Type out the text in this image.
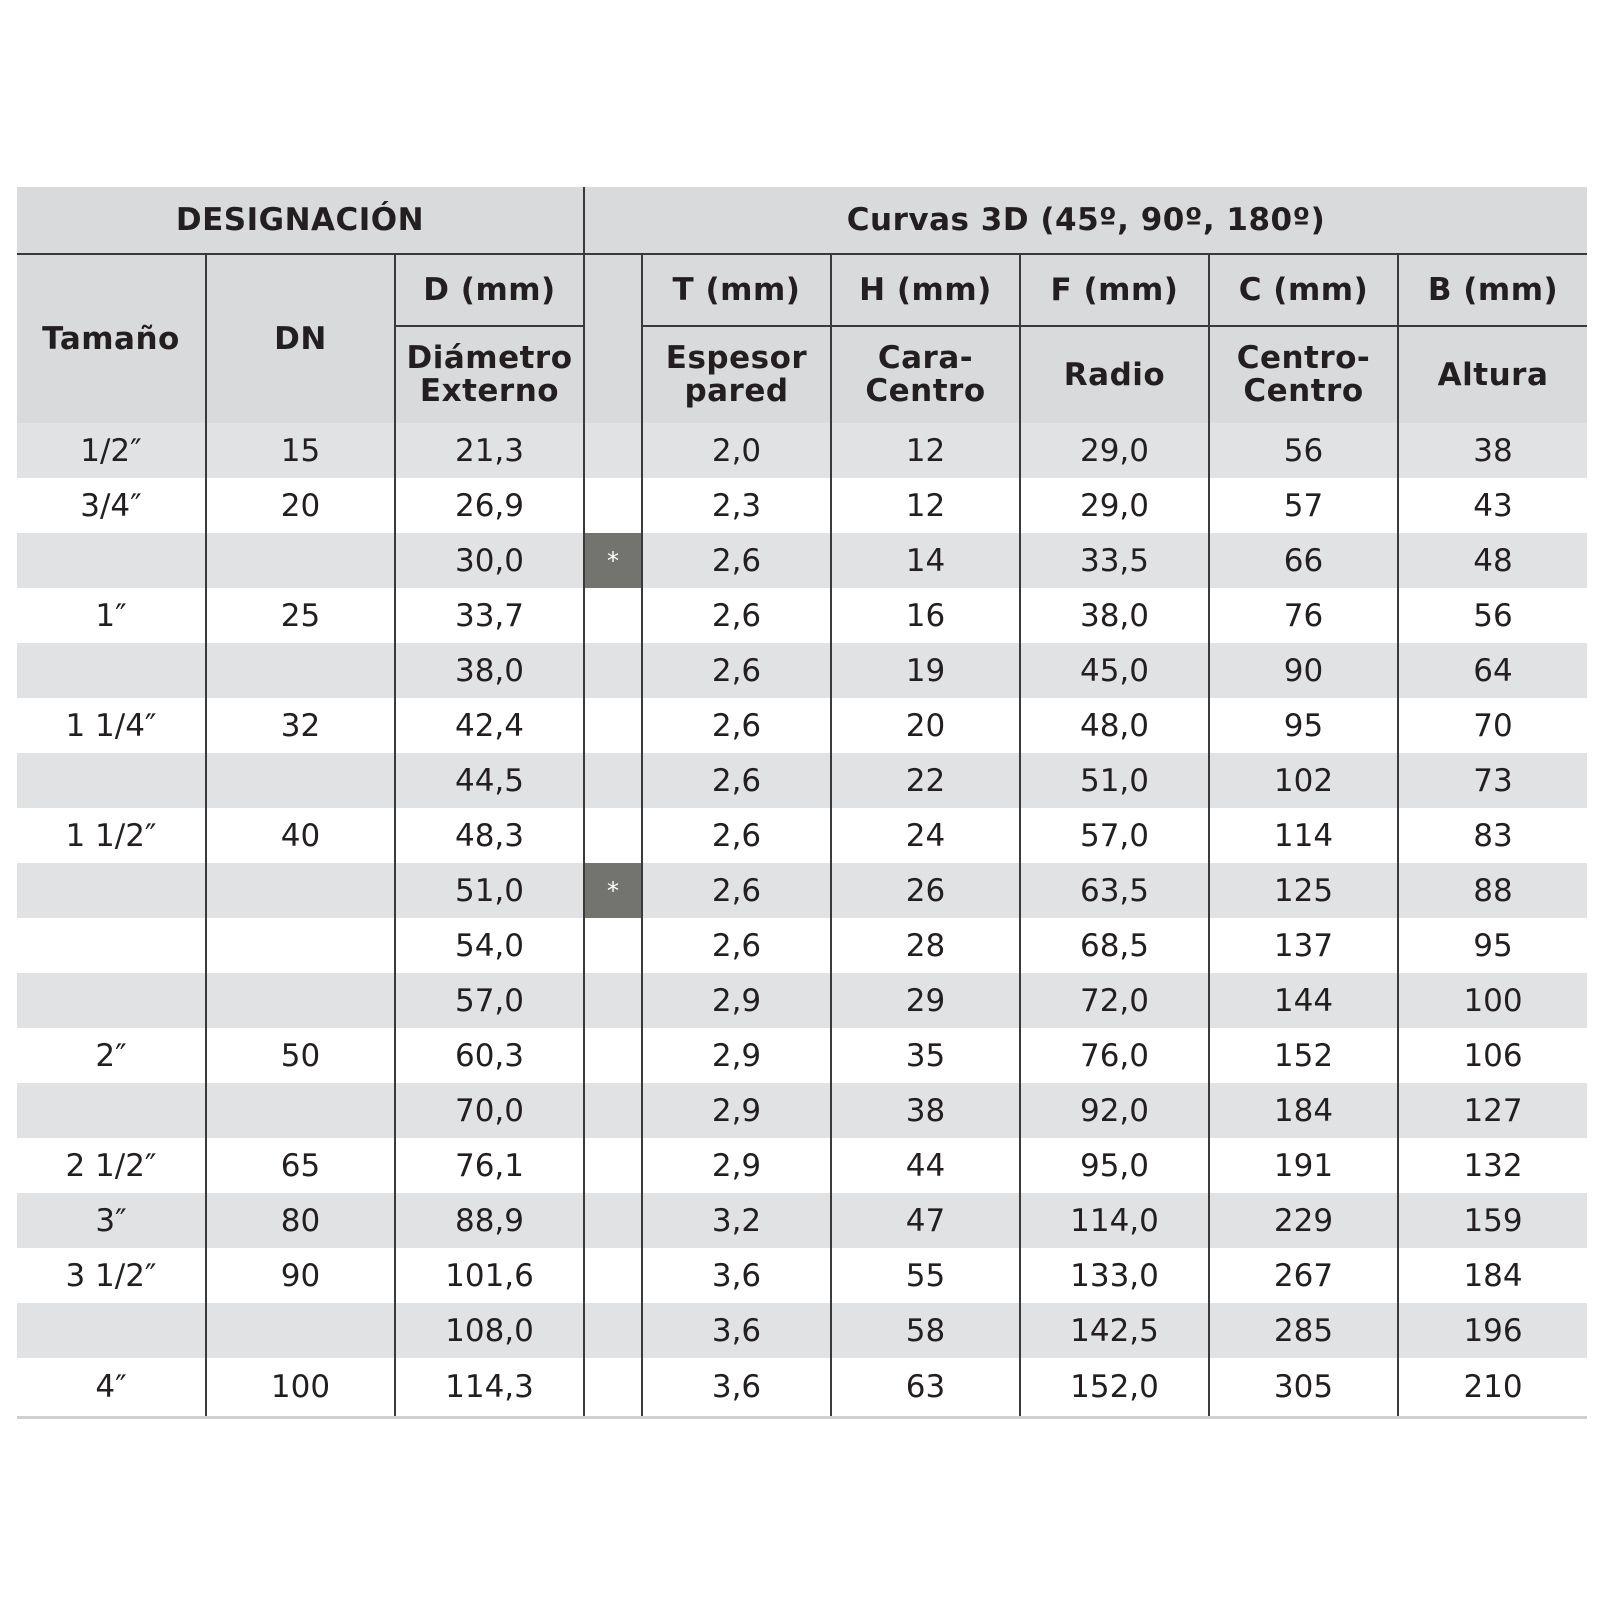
DESIGNACIÓN			Curvas 3D (45º, 90º, 180º)					
Tamaño	DN	D (mm)		T (mm)	H (mm)	F (mm)	C (mm)	B (mm)
		Diámetro Externo		Espesor pared	Cara- Centro	Radio	Centro- Centro	Altura
1/2″	15	21,3		2,0	12	29,0	56	38
3/4″	20	26,9		2,3	12	29,0	57	43
		30,0	*	2,6	14	33,5	66	48
1″	25	33,7		2,6	16	38,0	76	56
		38,0		2,6	19	45,0	90	64
1 1/4″	32	42,4		2,6	20	48,0	95	70
		44,5		2,6	22	51,0	102	73
1 1/2″	40	48,3		2,6	24	57,0	114	83
		51,0	*	2,6	26	63,5	125	88
		54,0		2,6	28	68,5	137	95
		57,0		2,9	29	72,0	144	100
2″	50	60,3		2,9	35	76,0	152	106
		70,0		2,9	38	92,0	184	127
2 1/2″	65	76,1		2,9	44	95,0	191	132
3″	80	88,9		3,2	47	114,0	229	159
3 1/2″	90	101,6		3,6	55	133,0	267	184
		108,0		3,6	58	142,5	285	196
4″	100	114,3		3,6	63	152,0	305	210
